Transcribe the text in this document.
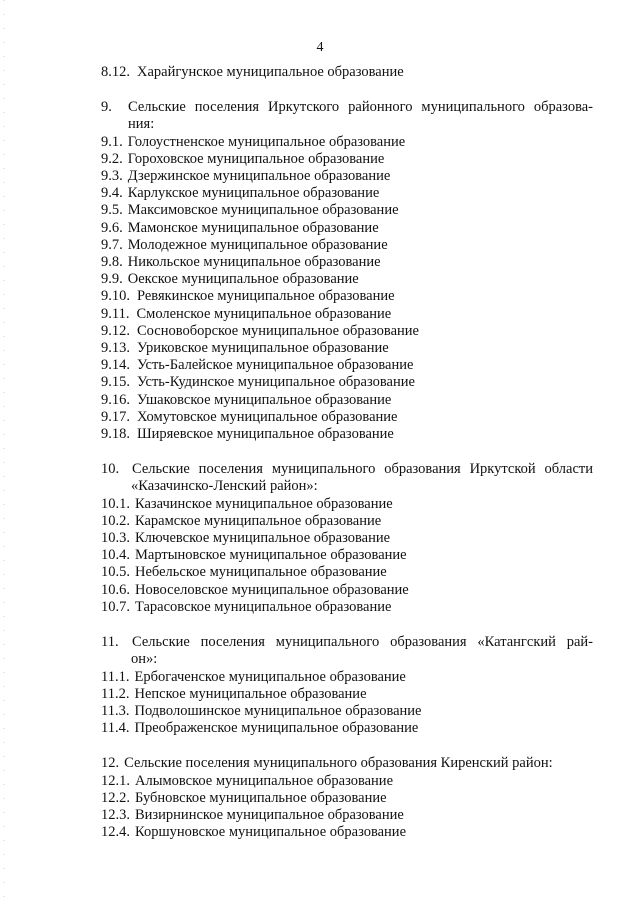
4
8.12. Харайгунское муниципальное образование
9.	Сельские поселения Иркутского районного муниципального образова-
ния:
9.1. Голоустненское муниципальное образование
9.2. Гороховское муниципальное образование
9.3. Дзержинское муниципальное образование
9.4. Карлукское муниципальное образование
9.5. Максимовское муниципальное образование
9.6. Мамонское муниципальное образование
9.7. Молодежное муниципальное образование
9.8. Никольское муниципальное образование
9.9. Оекское муниципальное образование
9.10. Ревякинское муниципальное образование
9.11. Смоленское муниципальное образование
9.12. Сосновоборское муниципальное образование
9.13. Уриковское муниципальное образование
9.14. Усть-Балейское муниципальное образование
9.15. Усть-Кудинское муниципальное образование
9.16. Ушаковское муниципальное образование
9.17. Хомутовское муниципальное образование
9.18. Ширяевское муниципальное образование
10. Сельские поселения муниципального образования Иркутской области
«Казачинско-Ленский район»:
10.1. Казачинское муниципальное образование
10.2. Карамское муниципальное образование
10.3. Ключевское муниципальное образование
10.4. Мартыновское муниципальное образование
10.5. Небельское муниципальное образование
10.6. Новоселовское муниципальное образование
10.7. Тарасовское муниципальное образование
11. Сельские поселения муниципального образования «Катангский рай-
он»:
11.1. Ербогаченское муниципальное образование
11.2. Непское муниципальное образование
11.3. Подволошинское муниципальное образование
11.4. Преображенское муниципальное образование
12. Сельские поселения муниципального образования Киренский район:
12.1. Алымовское муниципальное образование
12.2. Бубновское муниципальное образование
12.3. Визирнинское муниципальное образование
12.4. Коршуновское муниципальное образование
